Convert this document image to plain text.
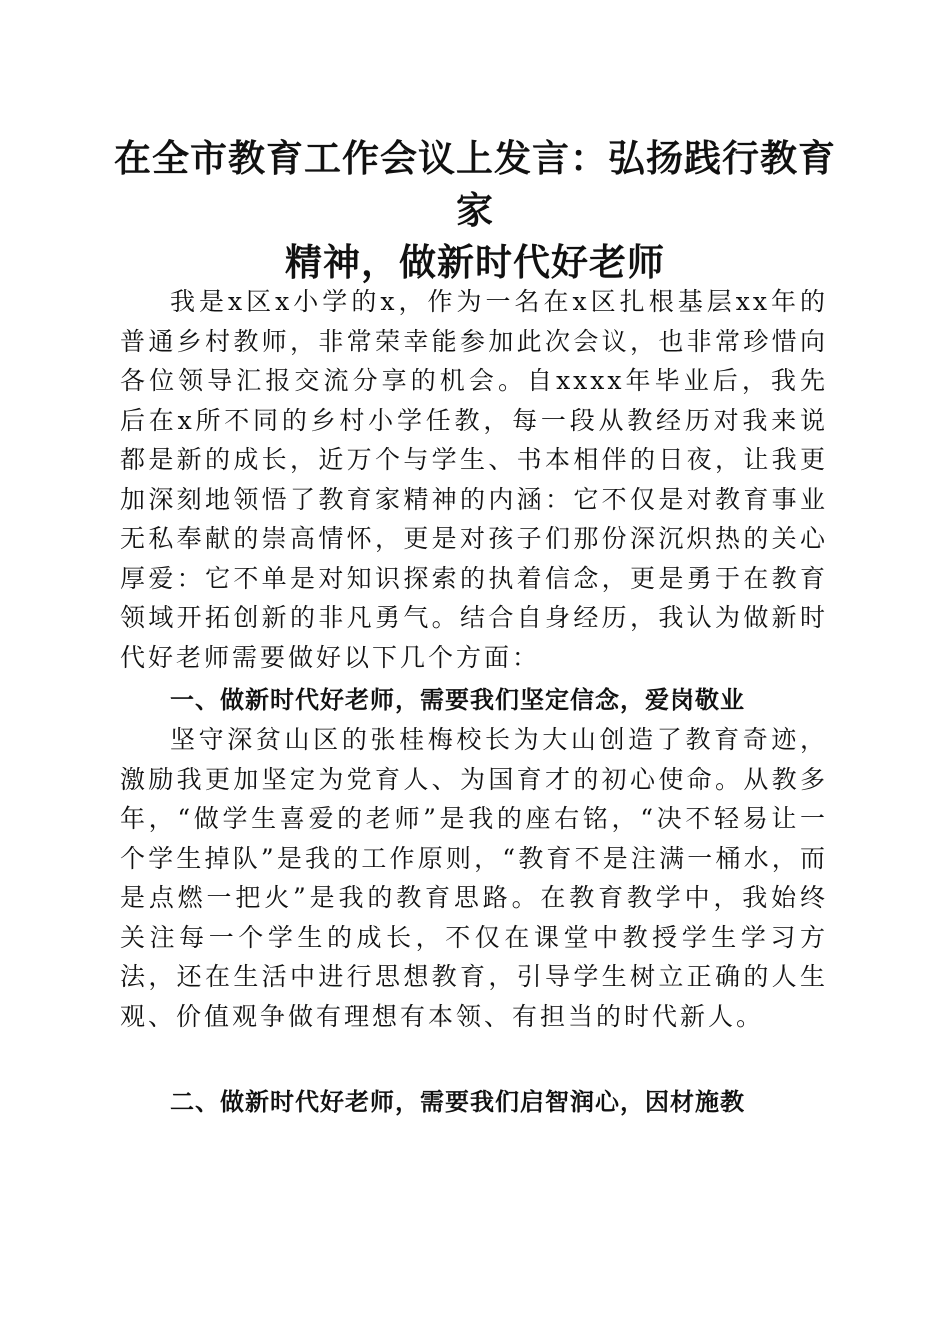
在全市教育工作会议上发言：弘扬践行教育家
精神，做新时代好老师

我是x区x小学的x，作为一名在x区扎根基层xx年的普通乡村教师，非常荣幸能参加此次会议，也非常珍惜向各位领导汇报交流分享的机会。自xxxx年毕业后，我先后在x所不同的乡村小学任教，每一段从教经历对我来说都是新的成长，近万个与学生、书本相伴的日夜，让我更加深刻地领悟了教育家精神的内涵：它不仅是对教育事业无私奉献的崇高情怀，更是对孩子们那份深沉炽热的关心厚爱：它不单是对知识探索的执着信念，更是勇于在教育领域开拓创新的非凡勇气。结合自身经历，我认为做新时代好老师需要做好以下几个方面：

一、做新时代好老师，需要我们坚定信念，爱岗敬业

坚守深贫山区的张桂梅校长为大山创造了教育奇迹，激励我更加坚定为党育人、为国育才的初心使命。从教多年，“做学生喜爱的老师”是我的座右铭，“决不轻易让一个学生掉队”是我的工作原则，“教育不是注满一桶水，而是点燃一把火”是我的教育思路。在教育教学中，我始终关注每一个学生的成长，不仅在课堂中教授学生学习方法，还在生活中进行思想教育，引导学生树立正确的人生观、价值观争做有理想有本领、有担当的时代新人。

二、做新时代好老师，需要我们启智润心，因材施教
